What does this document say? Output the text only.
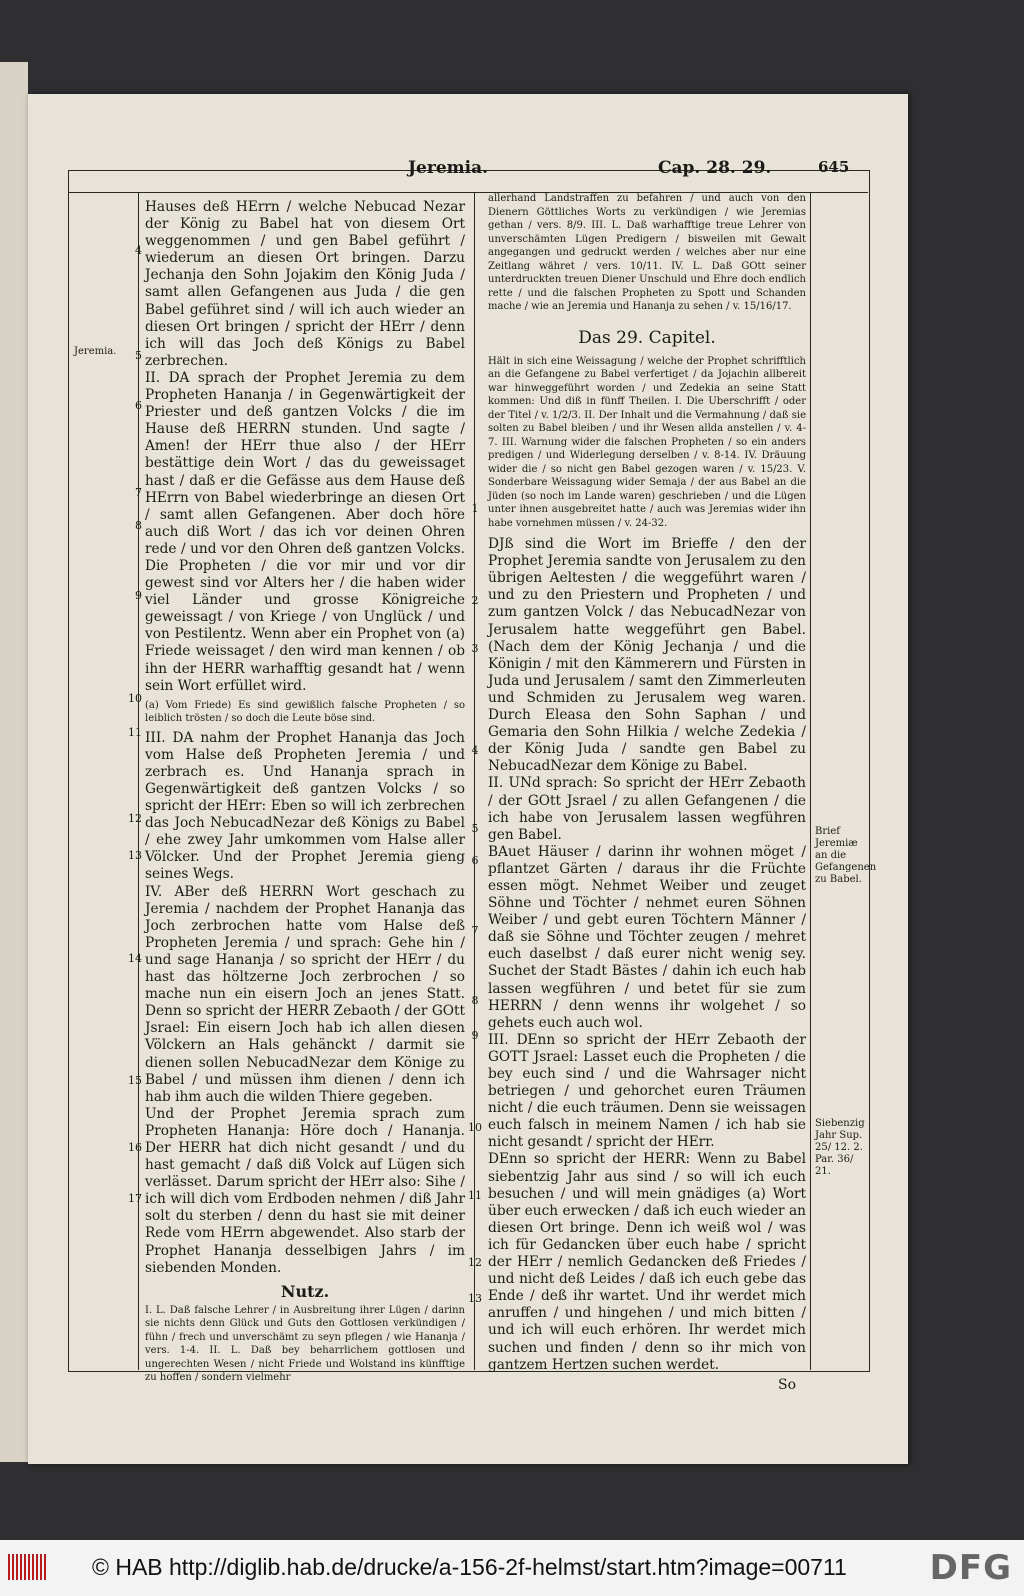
Jeremia.	Cap. 28. 29.	645
Jeremia.
Brief Jeremiæ an die Gefangenen zu Babel.
Siebenzig Jahr Sup. 25/ 12. 2. Par. 36/ 21.
4
5
6
7
8
9
10
11
12
13
14
15
16
17
1
2
3
4
5
6
7
8
9
10
11
12
13

Hauses deß HErrn / welche Nebucad Nezar der König zu Babel hat von diesem Ort weggenommen / und gen Babel geführt / wiederum an diesen Ort bringen. Darzu Jechanja den Sohn Jojakim den König Juda / samt allen Gefangenen aus Juda / die gen Babel geführet sind / will ich auch wieder an diesen Ort bringen / spricht der HErr / denn ich will das Joch deß Königs zu Babel zerbrechen.

II. DA sprach der Prophet Jeremia zu dem Propheten Hananja / in Gegenwärtigkeit der Priester und deß gantzen Volcks / die im Hause deß HERRN stunden. Und sagte / Amen! der HErr thue also / der HErr bestättige dein Wort / das du geweissaget hast / daß er die Gefässe aus dem Hause deß HErrn von Babel wiederbringe an diesen Ort / samt allen Gefangenen. Aber doch höre auch diß Wort / das ich vor deinen Ohren rede / und vor den Ohren deß gantzen Volcks. Die Propheten / die vor mir und vor dir gewest sind vor Alters her / die haben wider viel Länder und grosse Königreiche geweissagt / von Kriege / von Unglück / und von Pestilentz. Wenn aber ein Prophet von (a) Friede weissaget / den wird man kennen / ob ihn der HERR warhafftig gesandt hat / wenn sein Wort erfüllet wird.

(a) Vom Friede) Es sind gewißlich falsche Propheten / so leiblich trösten / so doch die Leute böse sind.

III. DA nahm der Prophet Hananja das Joch vom Halse deß Propheten Jeremia / und zerbrach es. Und Hananja sprach in Gegenwärtigkeit deß gantzen Volcks / so spricht der HErr: Eben so will ich zerbrechen das Joch NebucadNezar deß Königs zu Babel / ehe zwey Jahr umkommen vom Halse aller Völcker. Und der Prophet Jeremia gieng seines Wegs.

IV. ABer deß HERRN Wort geschach zu Jeremia / nachdem der Prophet Hananja das Joch zerbrochen hatte vom Halse deß Propheten Jeremia / und sprach: Gehe hin / und sage Hananja / so spricht der HErr / du hast das höltzerne Joch zerbrochen / so mache nun ein eisern Joch an jenes Statt. Denn so spricht der HERR Zebaoth / der GOtt Jsrael: Ein eisern Joch hab ich allen diesen Völckern an Hals gehänckt / darmit sie dienen sollen NebucadNezar dem Könige zu Babel / und müssen ihm dienen / denn ich hab ihm auch die wilden Thiere gegeben.

Und der Prophet Jeremia sprach zum Propheten Hananja: Höre doch / Hananja. Der HERR hat dich nicht gesandt / und du hast gemacht / daß diß Volck auf Lügen sich verlässet. Darum spricht der HErr also: Sihe / ich will dich vom Erdboden nehmen / diß Jahr solt du sterben / denn du hast sie mit deiner Rede vom HErrn abgewendet. Also starb der Prophet Hananja desselbigen Jahrs / im siebenden Monden.

Nutz.

I. L. Daß falsche Lehrer / in Ausbreitung ihrer Lügen / darinn sie nichts denn Glück und Guts den Gottlosen verkündigen / fühn / frech und unverschämt zu seyn pflegen / wie Hananja / vers. 1-4. II. L. Daß bey beharrlichem gottlosen und ungerechten Wesen / nicht Friede und Wolstand ins künfftige zu hoffen / sondern vielmehr

allerhand Landstraffen zu befahren / und auch von den Dienern Göttliches Worts zu verkündigen / wie Jeremias gethan / vers. 8/9. III. L. Daß warhafftige treue Lehrer von unverschämten Lügen Predigern / bisweilen mit Gewalt angegangen und gedruckt werden / welches aber nur eine Zeitlang währet / vers. 10/11. IV. L. Daß GOtt seiner unterdruckten treuen Diener Unschuld und Ehre doch endlich rette / und die falschen Propheten zu Spott und Schanden mache / wie an Jeremia und Hananja zu sehen / v. 15/16/17.

Das 29. Capitel.

Hält in sich eine Weissagung / welche der Prophet schrifftlich an die Gefangene zu Babel verfertiget / da Jojachin allbereit war hinweggeführt worden / und Zedekia an seine Statt kommen: Und diß in fünff Theilen. I. Die Uberschrifft / oder der Titel / v. 1/2/3. II. Der Inhalt und die Vermahnung / daß sie solten zu Babel bleiben / und ihr Wesen allda anstellen / v. 4-7. III. Warnung wider die falschen Propheten / so ein anders predigen / und Widerlegung derselben / v. 8-14. IV. Dräuung wider die / so nicht gen Babel gezogen waren / v. 15/23. V. Sonderbare Weissagung wider Semaja / der aus Babel an die Jüden (so noch im Lande waren) geschrieben / und die Lügen unter ihnen ausgebreitet hatte / auch was Jeremias wider ihn habe vornehmen müssen / v. 24-32.

DJß sind die Wort im Brieffe / den der Prophet Jeremia sandte von Jerusalem zu den übrigen Aeltesten / die weggeführt waren / und zu den Priestern und Propheten / und zum gantzen Volck / das NebucadNezar von Jerusalem hatte weggeführt gen Babel. (Nach dem der König Jechanja / und die Königin / mit den Kämmerern und Fürsten in Juda und Jerusalem / samt den Zimmerleuten und Schmiden zu Jerusalem weg waren. Durch Eleasa den Sohn Saphan / und Gemaria den Sohn Hilkia / welche Zedekia / der König Juda / sandte gen Babel zu NebucadNezar dem Könige zu Babel.

II. UNd sprach: So spricht der HErr Zebaoth / der GOtt Jsrael / zu allen Gefangenen / die ich habe von Jerusalem lassen wegführen gen Babel.

BAuet Häuser / darinn ihr wohnen möget / pflantzet Gärten / daraus ihr die Früchte essen mögt. Nehmet Weiber und zeuget Söhne und Töchter / nehmet euren Söhnen Weiber / und gebt euren Töchtern Männer / daß sie Söhne und Töchter zeugen / mehret euch daselbst / daß eurer nicht wenig sey. Suchet der Stadt Bästes / dahin ich euch hab lassen wegführen / und betet für sie zum HERRN / denn wenns ihr wolgehet / so gehets euch auch wol.

III. DEnn so spricht der HErr Zebaoth der GOTT Jsrael: Lasset euch die Propheten / die bey euch sind / und die Wahrsager nicht betriegen / und gehorchet euren Träumen nicht / die euch träumen. Denn sie weissagen euch falsch in meinem Namen / ich hab sie nicht gesandt / spricht der HErr.

DEnn so spricht der HERR: Wenn zu Babel siebentzig Jahr aus sind / so will ich euch besuchen / und will mein gnädiges (a) Wort über euch erwecken / daß ich euch wieder an diesen Ort bringe. Denn ich weiß wol / was ich für Gedancken über euch habe / spricht der HErr / nemlich Gedancken deß Friedes / und nicht deß Leides / daß ich euch gebe das Ende / deß ihr wartet. Und ihr werdet mich anruffen / und hingehen / und mich bitten / und ich will euch erhören. Ihr werdet mich suchen und finden / denn so ihr mich von gantzem Hertzen suchen werdet.

So
© HAB http://diglib.hab.de/drucke/a-156-2f-helmst/start.htm?image=00711 DFG
